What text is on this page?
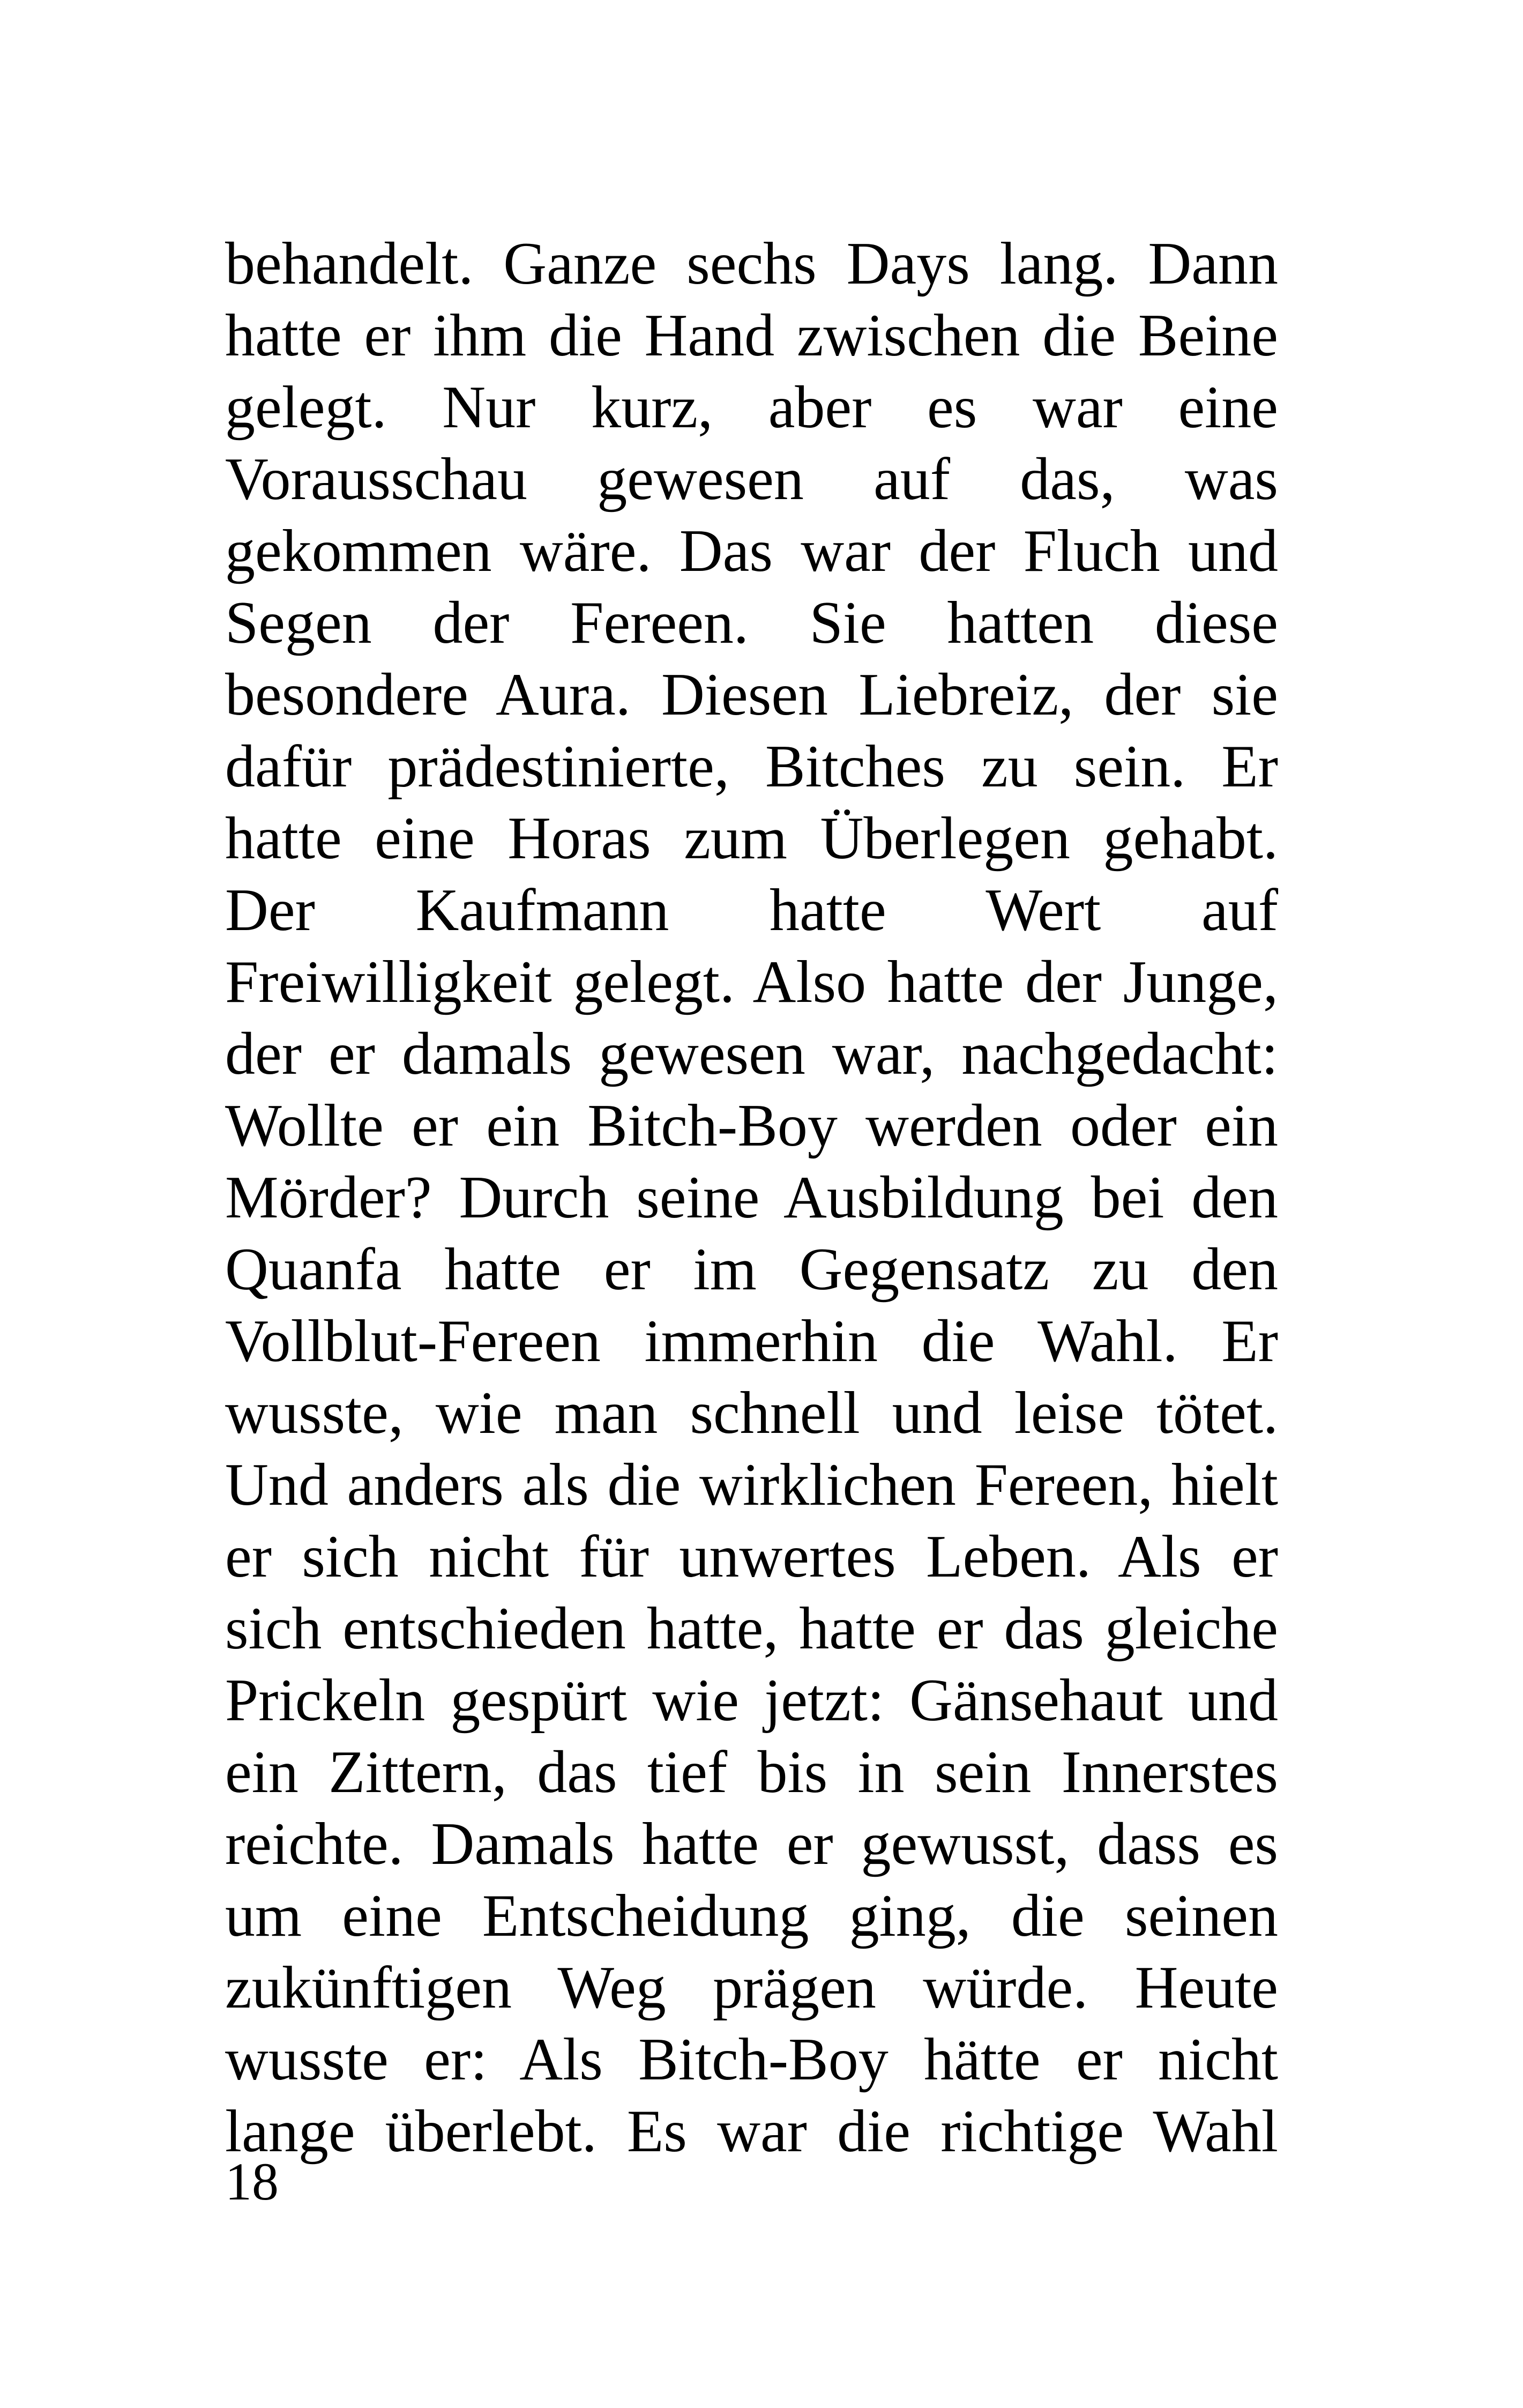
behandelt. Ganze sechs Days lang. Dann
hatte er ihm die Hand zwischen die Beine
gelegt. Nur kurz, aber es war eine
Vorausschau gewesen auf das, was
gekommen wäre. Das war der Fluch und
Segen der Fereen. Sie hatten diese
besondere Aura. Diesen Liebreiz, der sie
dafür prädestinierte, Bitches zu sein. Er
hatte eine Horas zum Überlegen gehabt.
Der Kaufmann hatte Wert auf
Freiwilligkeit gelegt. Also hatte der Junge,
der er damals gewesen war, nachgedacht:
Wollte er ein Bitch-Boy werden oder ein
Mörder? Durch seine Ausbildung bei den
Quanfa hatte er im Gegensatz zu den
Vollblut-Fereen immerhin die Wahl. Er
wusste, wie man schnell und leise tötet.
Und anders als die wirklichen Fereen, hielt
er sich nicht für unwertes Leben. Als er
sich entschieden hatte, hatte er das gleiche
Prickeln gespürt wie jetzt: Gänsehaut und
ein Zittern, das tief bis in sein Innerstes
reichte. Damals hatte er gewusst, dass es
um eine Entscheidung ging, die seinen
zukünftigen Weg prägen würde. Heute
wusste er: Als Bitch-Boy hätte er nicht
lange überlebt. Es war die richtige Wahl
18
